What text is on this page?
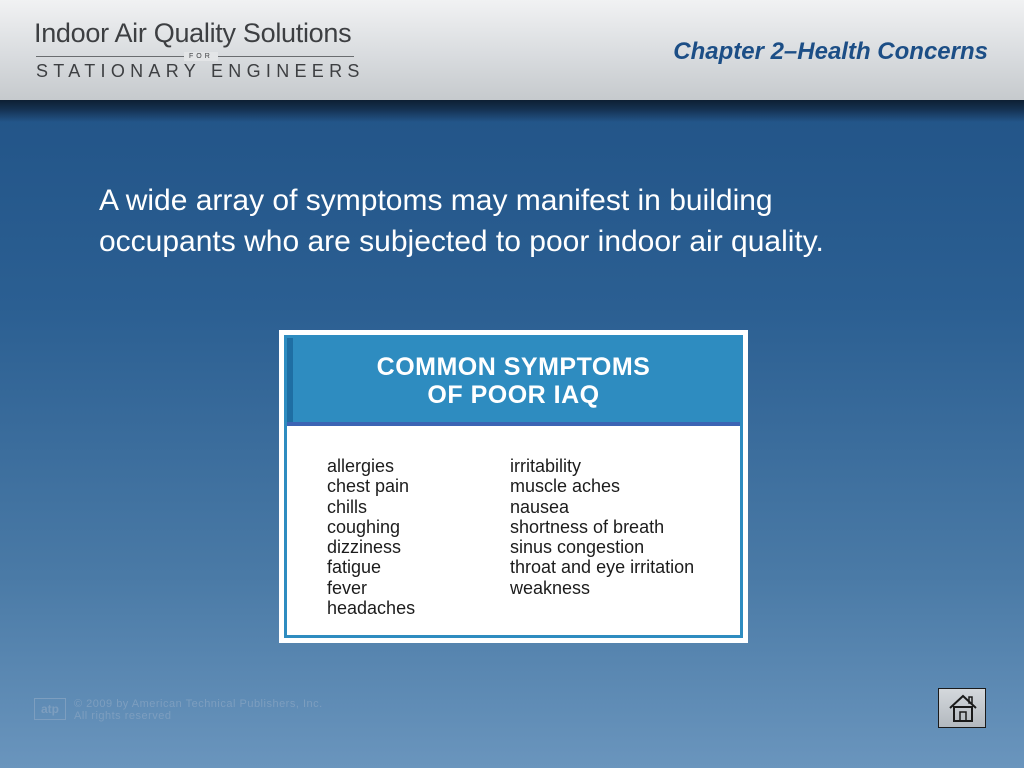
Indoor Air Quality Solutions
FOR
STATIONARY ENGINEERS
Chapter 2–Health Concerns
A wide array of symptoms may manifest in building occupants who are subjected to poor indoor air quality.
COMMON SYMPTOMS
OF POOR IAQ
allergies
chest pain
chills
coughing
dizziness
fatigue
fever
headaches
irritability
muscle aches
nausea
shortness of breath
sinus congestion
throat and eye irritation
weakness
atp	© 2009 by American Technical Publishers, Inc.
All rights reserved
